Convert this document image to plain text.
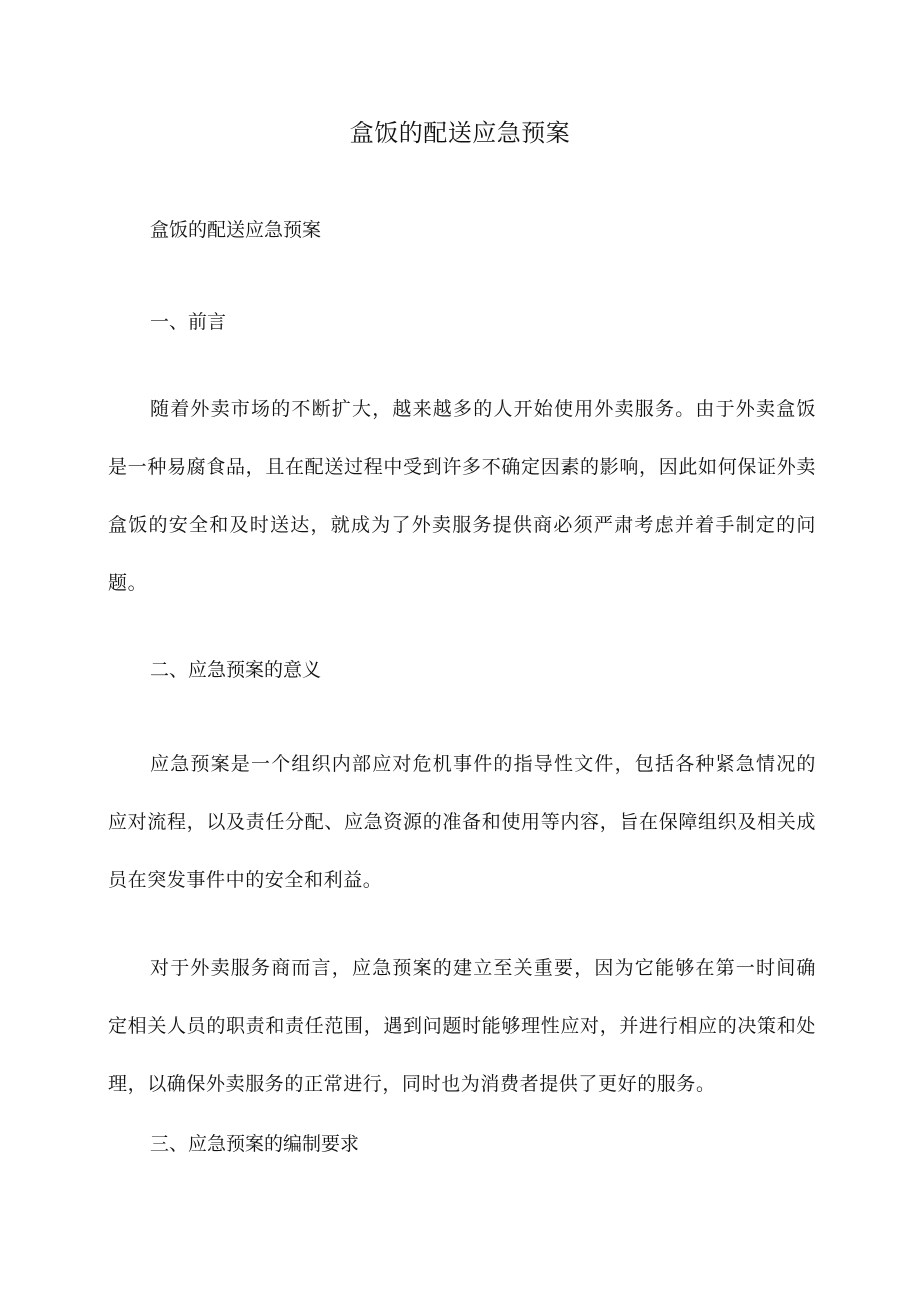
盒饭的配送应急预案
盒饭的配送应急预案
一、前言
随着外卖市场的不断扩大，越来越多的人开始使用外卖服务。由于外卖盒饭是一种易腐食品，且在配送过程中受到许多不确定因素的影响，因此如何保证外卖盒饭的安全和及时送达，就成为了外卖服务提供商必须严肃考虑并着手制定的问题。
二、应急预案的意义
应急预案是一个组织内部应对危机事件的指导性文件，包括各种紧急情况的应对流程，以及责任分配、应急资源的准备和使用等内容，旨在保障组织及相关成员在突发事件中的安全和利益。
对于外卖服务商而言，应急预案的建立至关重要，因为它能够在第一时间确定相关人员的职责和责任范围，遇到问题时能够理性应对，并进行相应的决策和处理，以确保外卖服务的正常进行，同时也为消费者提供了更好的服务。
三、应急预案的编制要求
